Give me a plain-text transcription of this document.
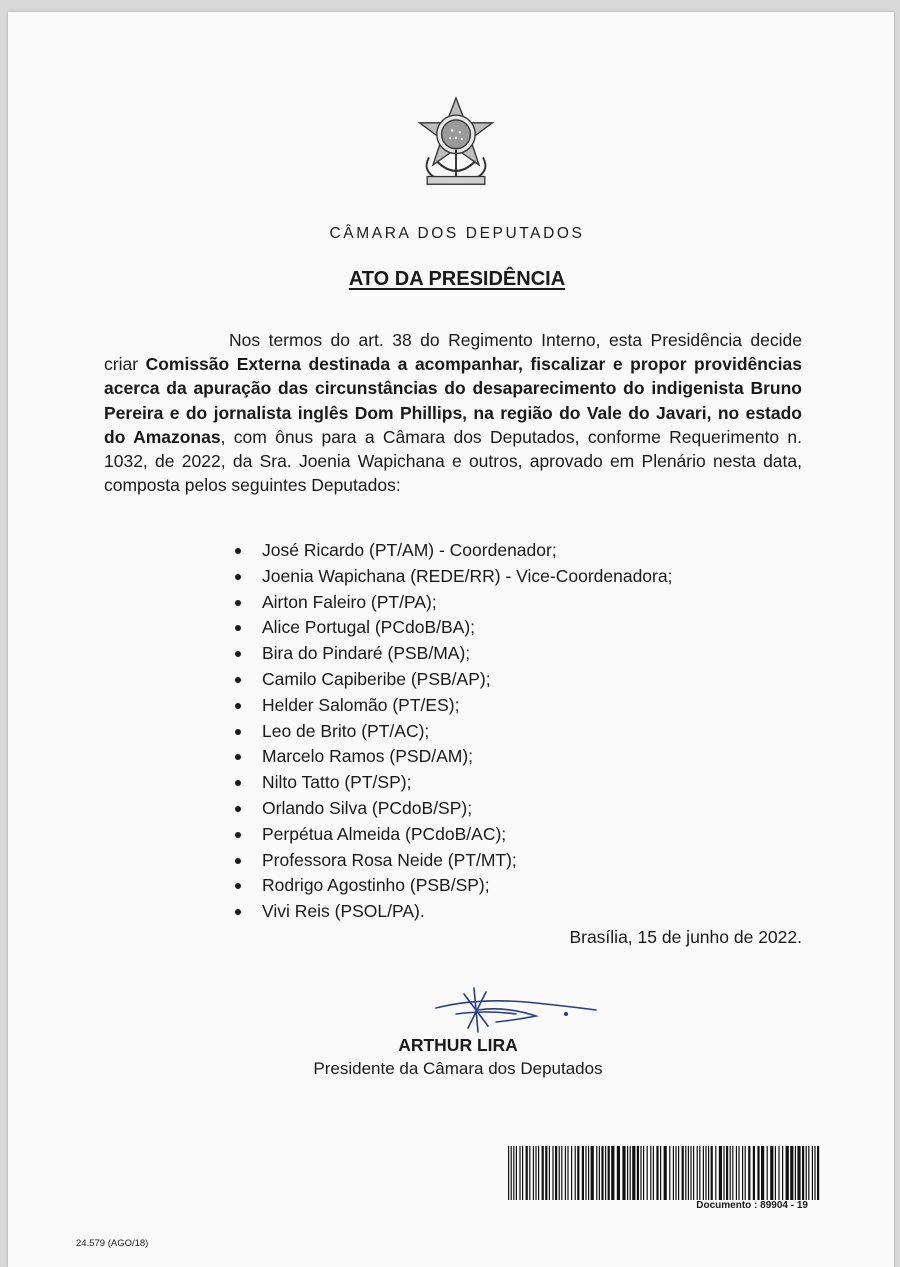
CÂMARA DOS DEPUTADOS
ATO DA PRESIDÊNCIA

Nos termos do art. 38 do Regimento Interno, esta Presidência decide criar Comissão Externa destinada a acompanhar, fiscalizar e propor providências acerca da apuração das circunstâncias do desaparecimento do indigenista Bruno Pereira e do jornalista inglês Dom Phillips, na região do Vale do Javari, no estado do Amazonas, com ônus para a Câmara dos Deputados, conforme Requerimento n. 1032, de 2022, da Sra. Joenia Wapichana e outros, aprovado em Plenário nesta data, composta pelos seguintes Deputados:

José Ricardo (PT/AM) - Coordenador;
Joenia Wapichana (REDE/RR) - Vice-Coordenadora;
Airton Faleiro (PT/PA);
Alice Portugal (PCdoB/BA);
Bira do Pindaré (PSB/MA);
Camilo Capiberibe (PSB/AP);
Helder Salomão (PT/ES);
Leo de Brito (PT/AC);
Marcelo Ramos (PSD/AM);
Nilto Tatto (PT/SP);
Orlando Silva (PCdoB/SP);
Perpétua Almeida (PCdoB/AC);
Professora Rosa Neide (PT/MT);
Rodrigo Agostinho (PSB/SP);
Vivi Reis (PSOL/PA).
Brasília, 15 de junho de 2022.
ARTHUR LIRA
Presidente da Câmara dos Deputados
Documento : 89904 - 19
24.579 (AGO/18)
